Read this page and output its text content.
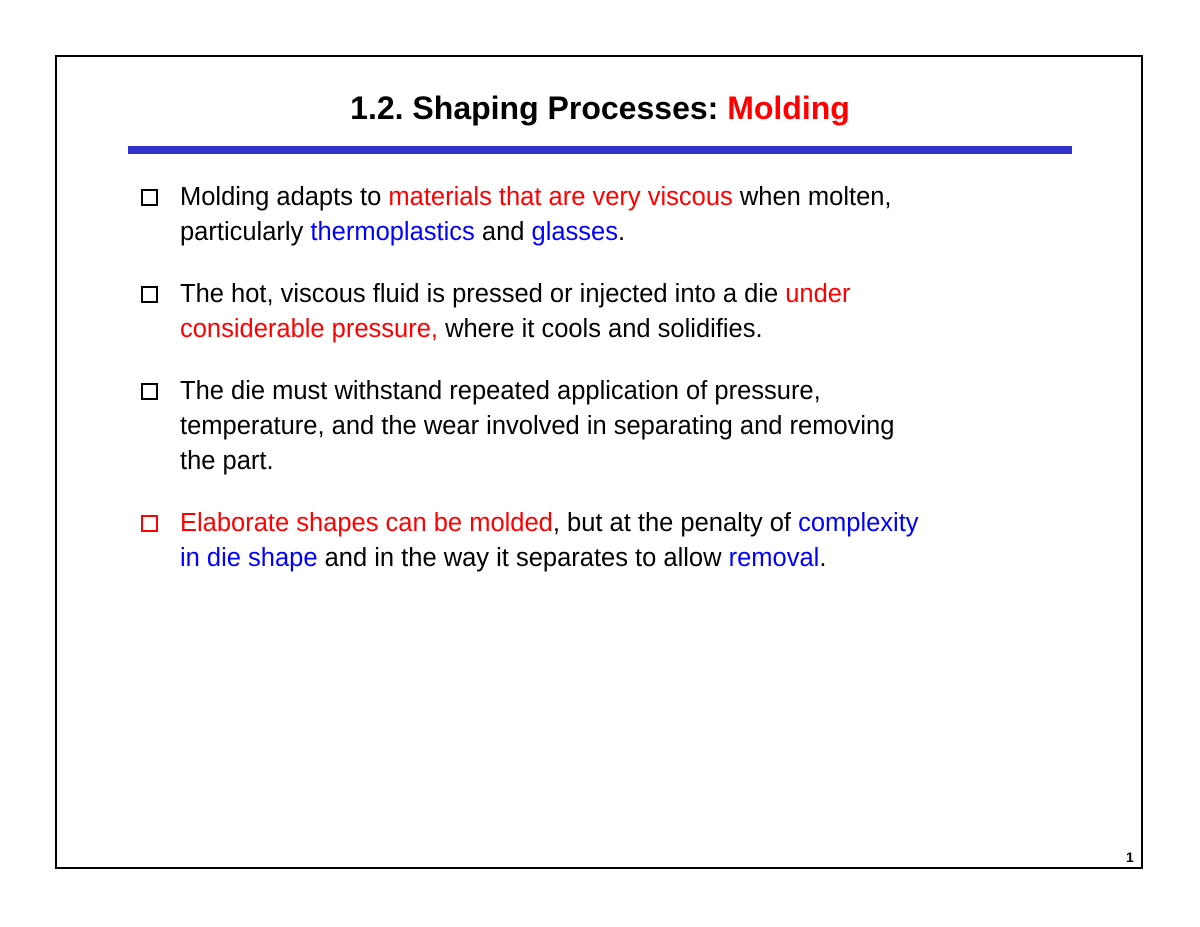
1.2. Shaping Processes: Molding
Molding adapts to materials that are very viscous when molten,
particularly thermoplastics and glasses.
The hot, viscous fluid is pressed or injected into a die under
considerable pressure, where it cools and solidifies.
The die must withstand repeated application of pressure,
temperature, and the wear involved in separating and removing
the part.
Elaborate shapes can be molded, but at the penalty of complexity
in die shape and in the way it separates to allow removal.
1
